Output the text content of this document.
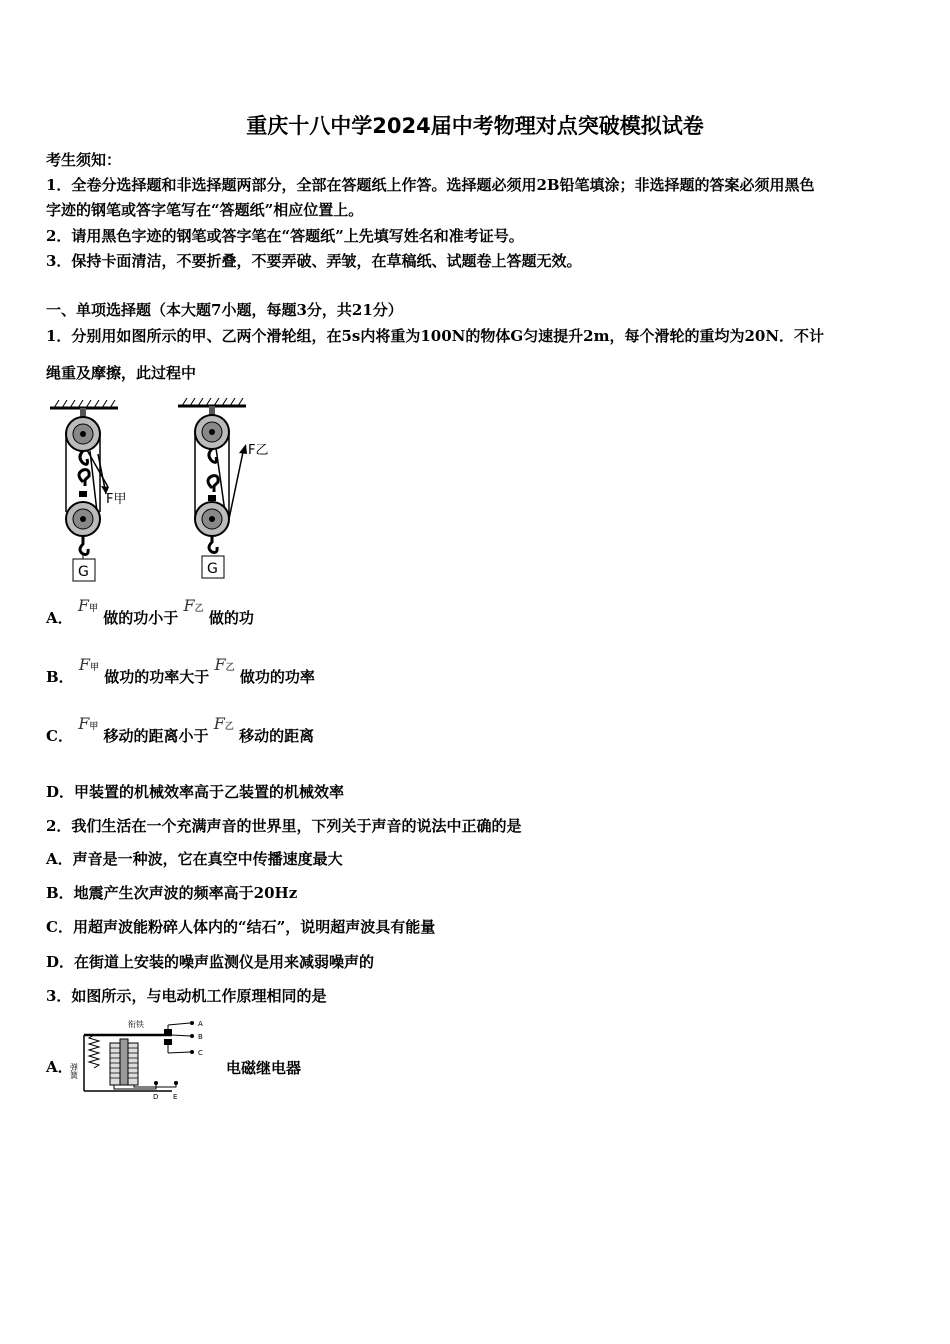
重庆十八中学2024届中考物理对点突破模拟试卷
考生须知：
1．全卷分选择题和非选择题两部分，全部在答题纸上作答。选择题必须用2B铅笔填涂；非选择题的答案必须用黑色
字迹的钢笔或答字笔写在“答题纸”相应位置上。
2．请用黑色字迹的钢笔或答字笔在“答题纸”上先填写姓名和准考证号。
3．保持卡面清洁，不要折叠，不要弄破、弄皱，在草稿纸、试题卷上答题无效。
一、单项选择题（本大题7小题，每题3分，共21分）
1．分别用如图所示的甲、乙两个滑轮组，在5s内将重为100N的物体G匀速提升2m，每个滑轮的重均为20N．不计
绳重及摩擦，此过程中
F甲
G
F乙
G
A． F甲 做的功小于 F乙 做的功
B． F甲 做功的功率大于 F乙 做功的功率
C． F甲 移动的距离小于 F乙 移动的距离
D．甲装置的机械效率高于乙装置的机械效率
2．我们生活在一个充满声音的世界里，下列关于声音的说法中正确的是
A．声音是一种波，它在真空中传播速度最大
B．地震产生次声波的频率高于20Hz
C．用超声波能粉碎人体内的“结石”，说明超声波具有能量
D．在街道上安装的噪声监测仪是用来减弱噪声的
3．如图所示，与电动机工作原理相同的是
A．
弹簧
衔铁	A
B
C
D E
电磁继电器
